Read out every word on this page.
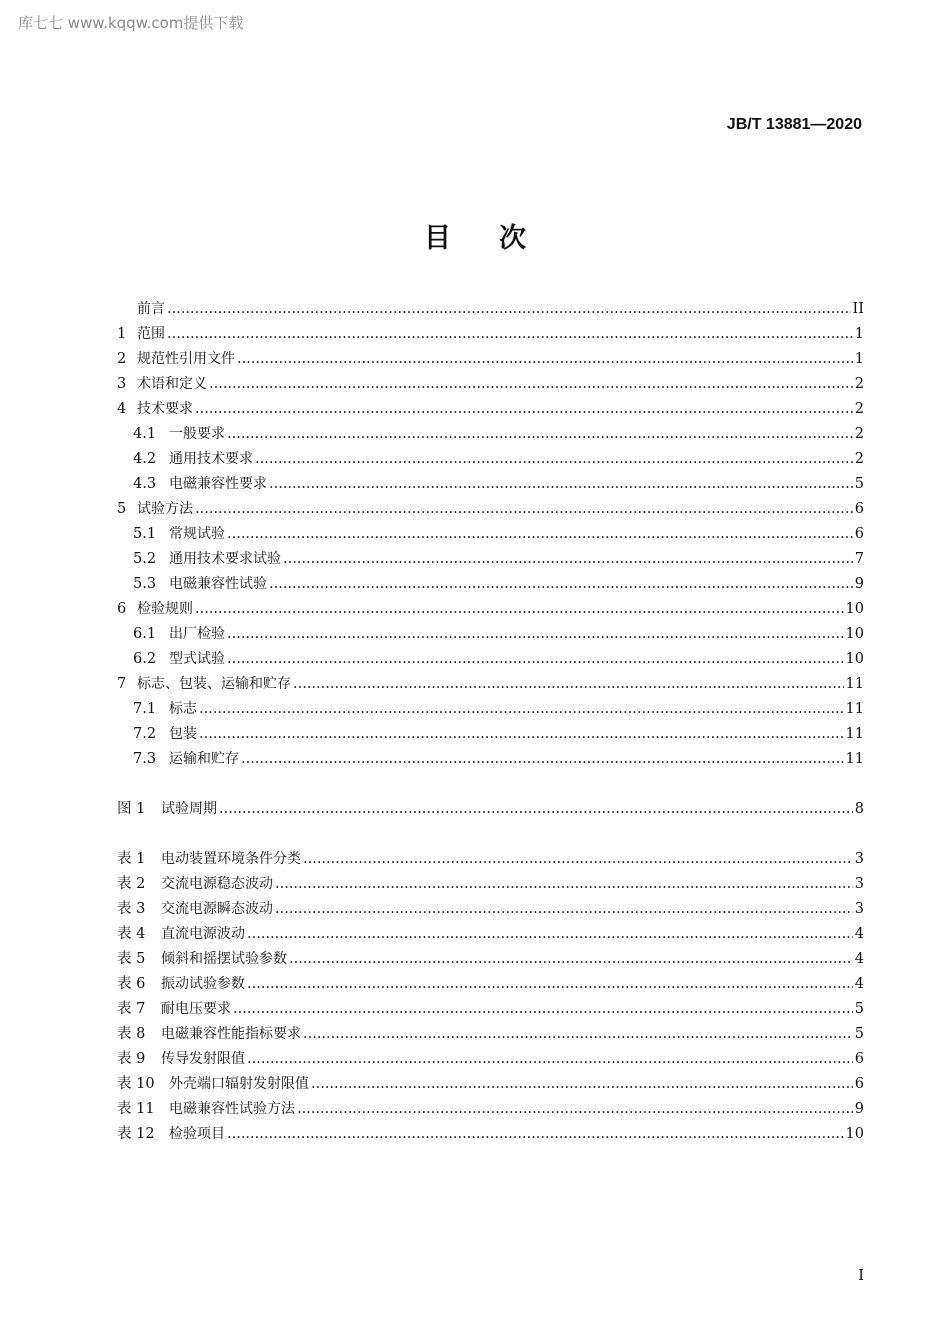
库七七 www.kqqw.com提供下载
JB/T 13881—2020
目次
前言 .....	II
1 范围 .....	1
2 规范性引用文件 .....	1
3 术语和定义 .....	2
4 技术要求 .....	2
4.1 一般要求 .....	2
4.2 通用技术要求 .....	2
4.3 电磁兼容性要求 .....	5
5 试验方法 .....	6
5.1 常规试验 .....	6
5.2 通用技术要求试验 .....	7
5.3 电磁兼容性试验 .....	9
6 检验规则 .....	10
6.1 出厂检验 .....	10
6.2 型式试验 .....	10
7 标志、包装、运输和贮存 .....	11
7.1 标志 .....	11
7.2 包装 .....	11
7.3 运输和贮存 .....	11
图 1	试验周期 .....	8
表 1	电动装置环境条件分类 .....	3
表 2	交流电源稳态波动 .....	3
表 3	交流电源瞬态波动 .....	3
表 4	直流电源波动 .....	4
表 5	倾斜和摇摆试验参数 .....	4
表 6	振动试验参数 .....	4
表 7	耐电压要求 .....	5
表 8	电磁兼容性能指标要求 .....	5
表 9	传导发射限值 .....	6
表 10	外壳端口辐射发射限值 .....	6
表 11	电磁兼容性试验方法 .....	9
表 12	检验项目 .....	10
I
